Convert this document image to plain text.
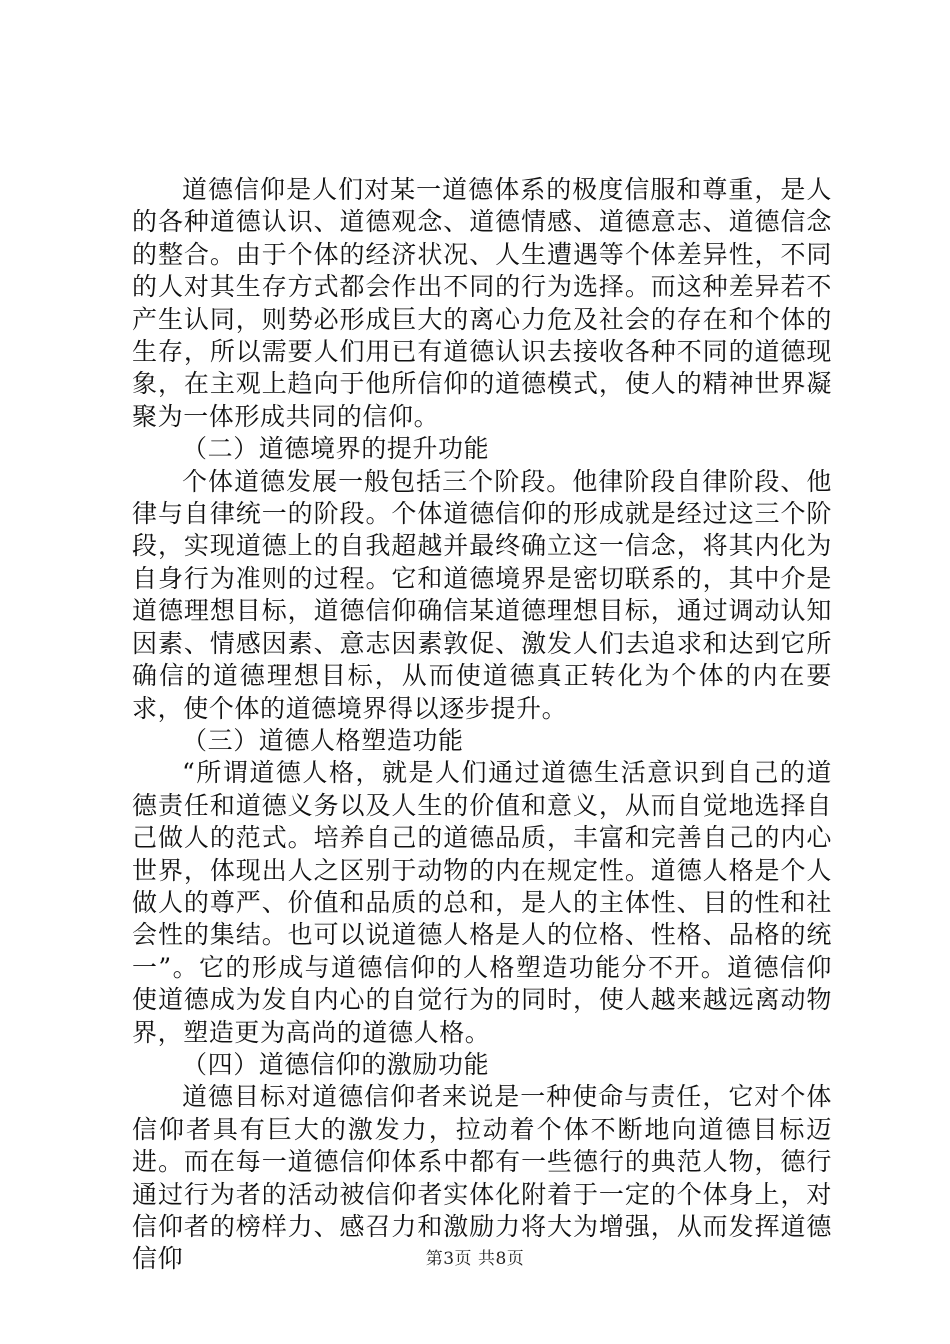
道德信仰是人们对某一道德体系的极度信服和尊重，是人的各种道德认识、道德观念、道德情感、道德意志、道德信念的整合。由于个体的经济状况、人生遭遇等个体差异性，不同的人对其生存方式都会作出不同的行为选择。而这种差异若不产生认同，则势必形成巨大的离心力危及社会的存在和个体的生存，所以需要人们用已有道德认识去接收各种不同的道德现象，在主观上趋向于他所信仰的道德模式，使人的精神世界凝聚为一体形成共同的信仰。

（二）道德境界的提升功能

个体道德发展一般包括三个阶段。他律阶段自律阶段、他律与自律统一的阶段。个体道德信仰的形成就是经过这三个阶段，实现道德上的自我超越并最终确立这一信念，将其内化为自身行为准则的过程。它和道德境界是密切联系的，其中介是道德理想目标，道德信仰确信某道德理想目标，通过调动认知因素、情感因素、意志因素敦促、激发人们去追求和达到它所确信的道德理想目标，从而使道德真正转化为个体的内在要求，使个体的道德境界得以逐步提升。

（三）道德人格塑造功能

“所谓道德人格，就是人们通过道德生活意识到自己的道德责任和道德义务以及人生的价值和意义，从而自觉地选择自己做人的范式。培养自己的道德品质，丰富和完善自己的内心世界，体现出人之区别于动物的内在规定性。道德人格是个人做人的尊严、价值和品质的总和，是人的主体性、目的性和社会性的集结。也可以说道德人格是人的位格、性格、品格的统一”。它的形成与道德信仰的人格塑造功能分不开。道德信仰使道德成为发自内心的自觉行为的同时，使人越来越远离动物界，塑造更为高尚的道德人格。

（四）道德信仰的激励功能

道德目标对道德信仰者来说是一种使命与责任，它对个体信仰者具有巨大的激发力，拉动着个体不断地向道德目标迈进。而在每一道德信仰体系中都有一些德行的典范人物，德行通过行为者的活动被信仰者实体化附着于一定的个体身上，对信仰者的榜样力、感召力和激励力将大为增强，从而发挥道德信仰	第3页 共8页
